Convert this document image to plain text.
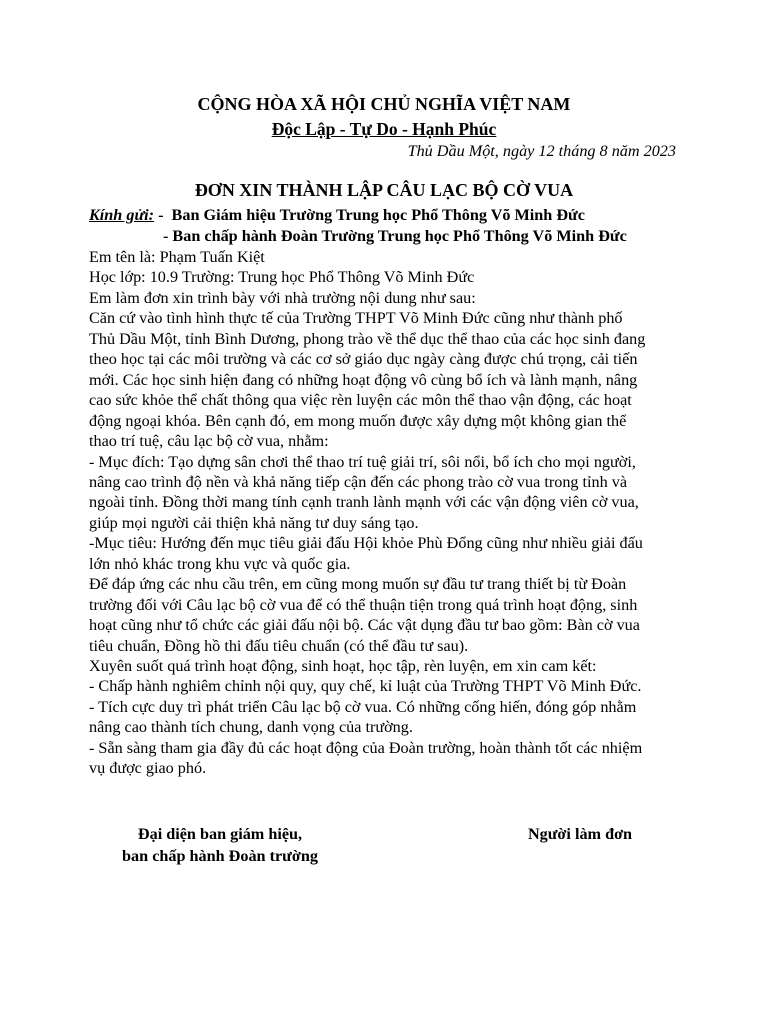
CỘNG HÒA XÃ HỘI CHỦ NGHĨA VIỆT NAM
Độc Lập - Tự Do - Hạnh Phúc
Thủ Dầu Một, ngày 12 tháng 8 năm 2023
ĐƠN XIN THÀNH LẬP CÂU LẠC BỘ CỜ VUA
Kính gửi: -  Ban Giám hiệu Trường Trung học Phổ Thông Võ Minh Đức
- Ban chấp hành Đoàn Trường Trung học Phổ Thông Võ Minh Đức
Em tên là: Phạm Tuấn Kiệt
Học lớp: 10.9 Trường: Trung học Phổ Thông Võ Minh Đức
Em làm đơn xin trình bày với nhà trường nội dung như sau:
Căn cứ vào tình hình thực tế của Trường THPT Võ Minh Đức cũng như thành phố
Thủ Dầu Một, tỉnh Bình Dương, phong trào về thể dục thể thao của các học sinh đang
theo học tại các môi trường và các cơ sở giáo dục ngày càng được chú trọng, cải tiến
mới. Các học sinh hiện đang có những hoạt động vô cùng bổ ích và lành mạnh, nâng
cao sức khỏe thể chất thông qua việc rèn luyện các môn thể thao vận động, các hoạt
động ngoại khóa. Bên cạnh đó, em mong muốn được xây dựng một không gian thể
thao trí tuệ, câu lạc bộ cờ vua, nhằm:
- Mục đích: Tạo dựng sân chơi thể thao trí tuệ giải trí, sôi nổi, bổ ích cho mọi người,
nâng cao trình độ nền và khả năng tiếp cận đến các phong trào cờ vua trong tỉnh và
ngoài tỉnh. Đồng thời mang tính cạnh tranh lành mạnh với các vận động viên cờ vua,
giúp mọi người cải thiện khả năng tư duy sáng tạo.
-Mục tiêu: Hướng đến mục tiêu giải đấu Hội khỏe Phù Đổng cũng như nhiều giải đấu
lớn nhỏ khác trong khu vực và quốc gia.
Để đáp ứng các nhu cầu trên, em cũng mong muốn sự đầu tư trang thiết bị từ Đoàn
trường đối với Câu lạc bộ cờ vua để có thể thuận tiện trong quá trình hoạt động, sinh
hoạt cũng như tổ chức các giải đấu nội bộ. Các vật dụng đầu tư bao gồm: Bàn cờ vua
tiêu chuẩn, Đồng hồ thi đấu tiêu chuẩn (có thể đầu tư sau).
Xuyên suốt quá trình hoạt động, sinh hoạt, học tập, rèn luyện, em xin cam kết:
- Chấp hành nghiêm chỉnh nội quy, quy chế, kỉ luật của Trường THPT Võ Minh Đức.
- Tích cực duy trì phát triển Câu lạc bộ cờ vua. Có những cống hiến, đóng góp nhằm
nâng cao thành tích chung, danh vọng của trường.
- Sẵn sàng tham gia đầy đủ các hoạt động của Đoàn trường, hoàn thành tốt các nhiệm
vụ được giao phó.
Đại diện ban giám hiệu,
ban chấp hành Đoàn trường
Người làm đơn
